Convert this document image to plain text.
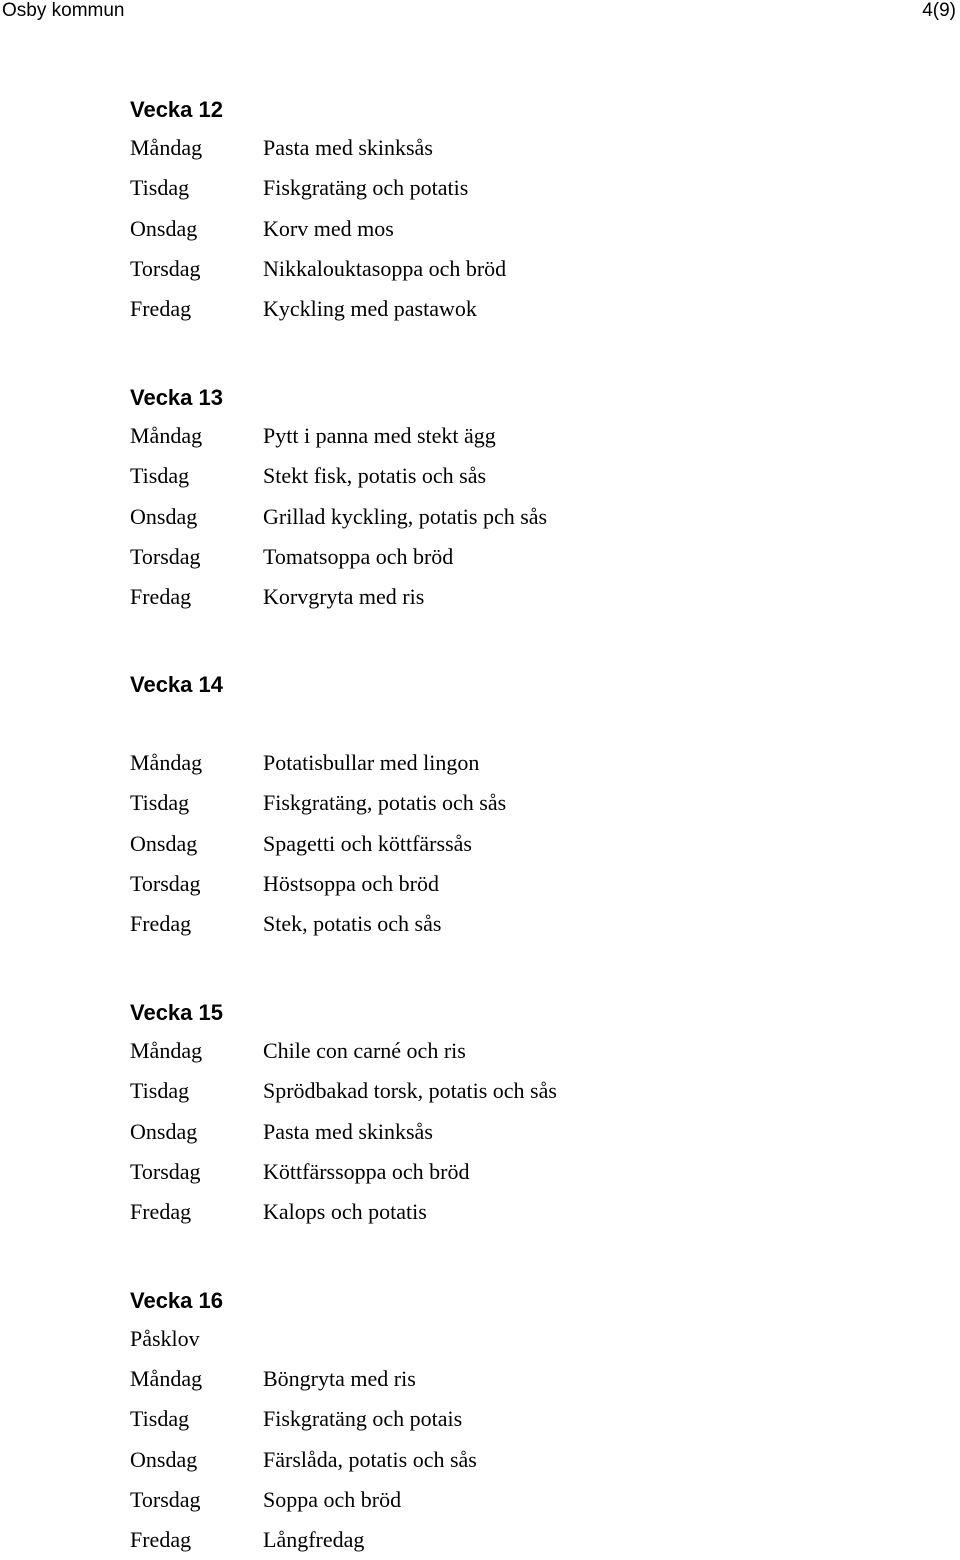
Osby kommun	4(9)
Vecka 12
Måndag	Pasta med skinksås
Tisdag	Fiskgratäng och potatis
Onsdag	Korv med mos
Torsdag	Nikkalouktasoppa och bröd
Fredag	Kyckling med pastawok
Vecka 13
Måndag	Pytt i panna med stekt ägg
Tisdag	Stekt fisk, potatis och sås
Onsdag	Grillad kyckling, potatis pch sås
Torsdag	Tomatsoppa och bröd
Fredag	Korvgryta med ris
Vecka 14
Måndag	Potatisbullar med lingon
Tisdag	Fiskgratäng, potatis och sås
Onsdag	Spagetti och köttfärssås
Torsdag	Höstsoppa och bröd
Fredag	Stek, potatis och sås
Vecka 15
Måndag	Chile con carné och ris
Tisdag	Sprödbakad torsk, potatis och sås
Onsdag	Pasta med skinksås
Torsdag	Köttfärssoppa och bröd
Fredag	Kalops och potatis
Vecka 16
Påsklov
Måndag	Böngryta med ris
Tisdag	Fiskgratäng och potais
Onsdag	Färslåda, potatis och sås
Torsdag	Soppa och bröd
Fredag	Långfredag
